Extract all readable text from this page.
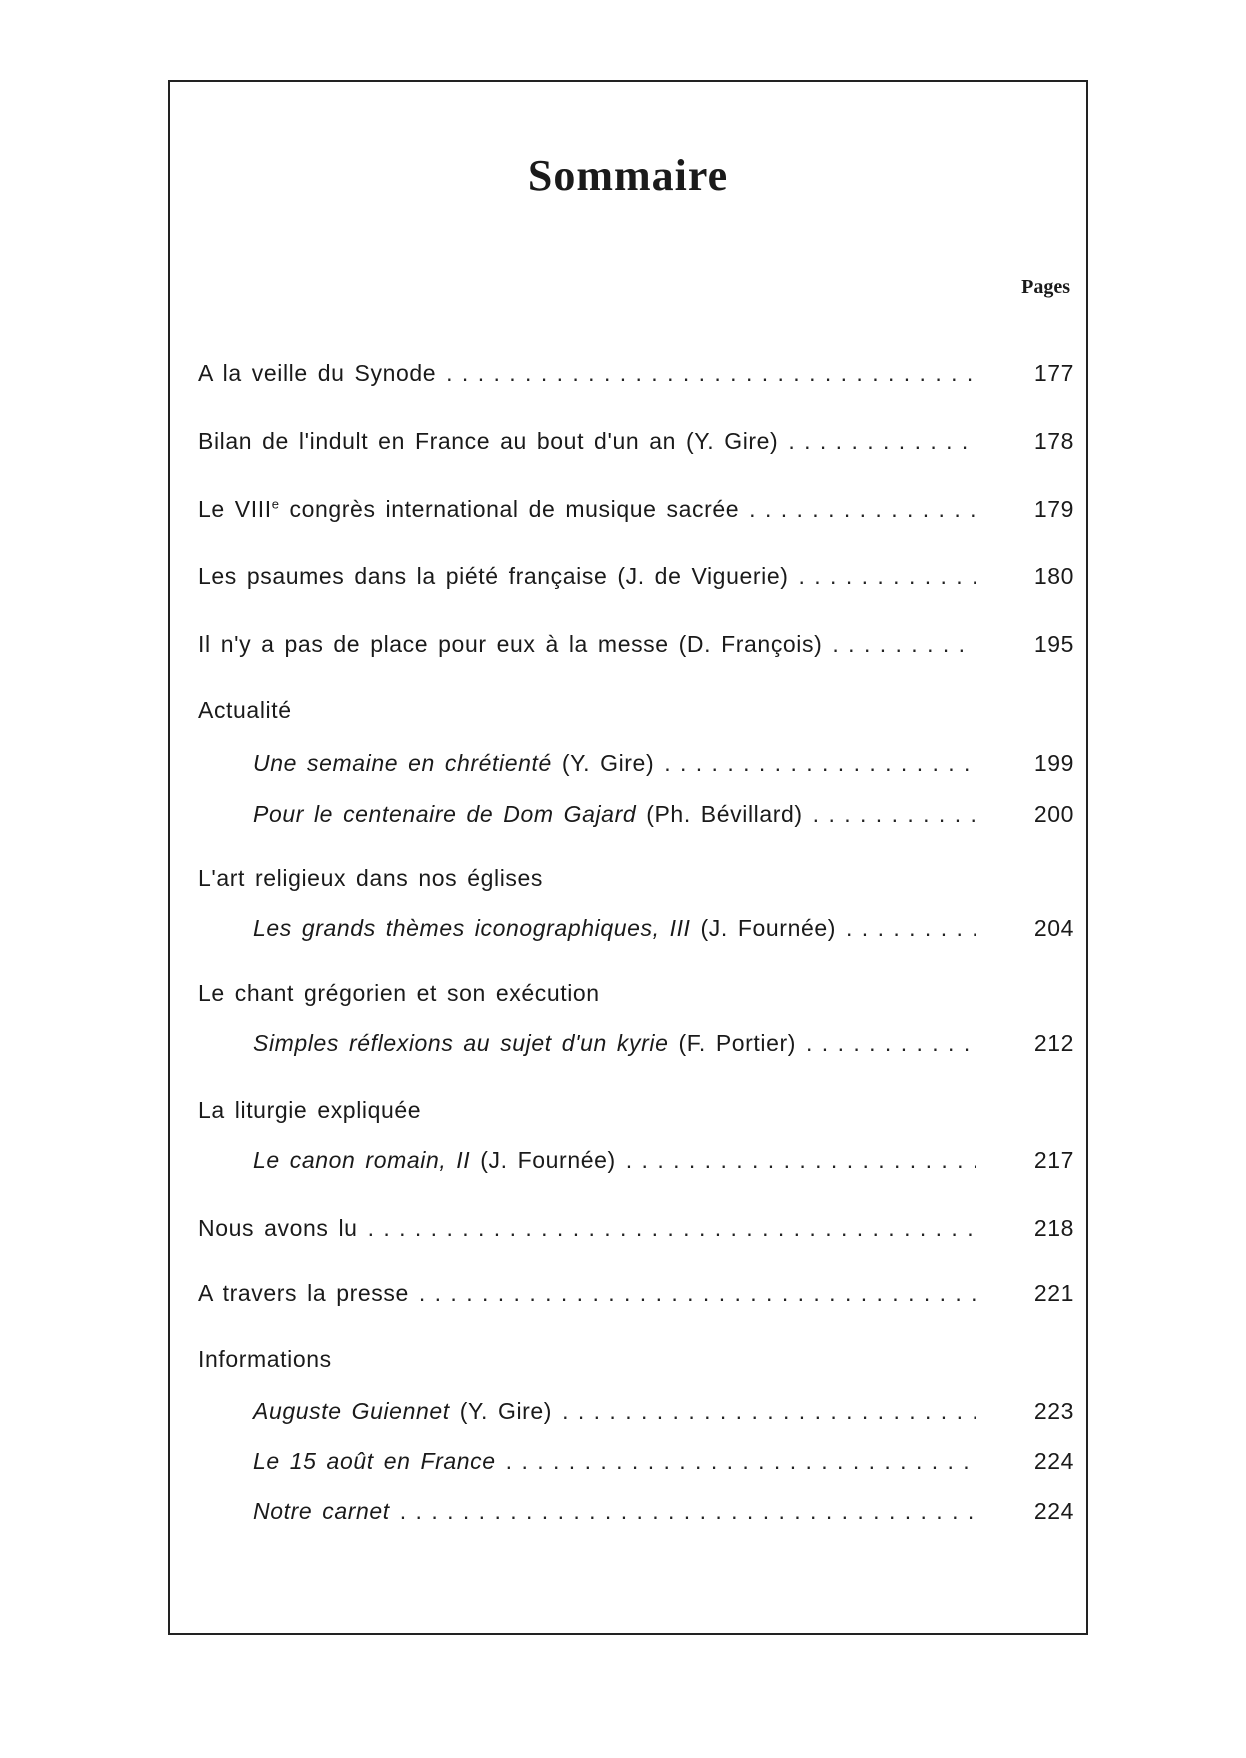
Sommaire
Pages
A la veille du Synode . . .	177
Bilan de l'indult en France au bout d'un an (Y. Gire) . . .	178
Le VIIIe congrès international de musique sacrée . . .	179
Les psaumes dans la piété française (J. de Viguerie) . . .	180
Il n'y a pas de place pour eux à la messe (D. François) . . .	195
Actualité
Une semaine en chrétienté (Y. Gire) . . .	199
Pour le centenaire de Dom Gajard (Ph. Bévillard) . . .	200
L'art religieux dans nos églises
Les grands thèmes iconographiques, III (J. Fournée) . . .	204
Le chant grégorien et son exécution
Simples réflexions au sujet d'un kyrie (F. Portier) . . .	212
La liturgie expliquée
Le canon romain, II (J. Fournée) . . .	217
Nous avons lu . . .	218
A travers la presse . . .	221
Informations
Auguste Guiennet (Y. Gire) . . .	223
Le 15 août en France . . .	224
Notre carnet . . .	224
